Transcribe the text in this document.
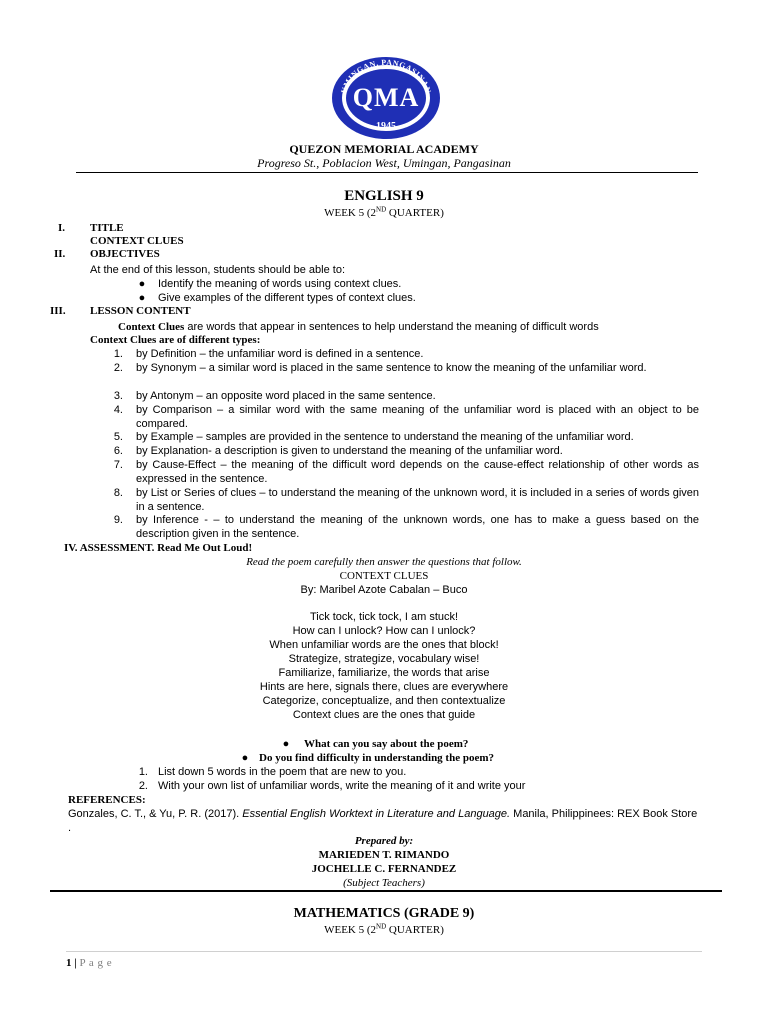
UMINGAN, PANGASINAN
QMA
1945
QUEZON MEMORIAL ACADEMY
Progreso St., Poblacion West, Umingan, Pangasinan
ENGLISH 9
WEEK 5 (2ND QUARTER)
I. TITLE
CONTEXT CLUES
II. OBJECTIVES
At the end of this lesson, students should be able to:
●	Identify the meaning of words using context clues.
●	Give examples of the different types of context clues.
III. LESSON CONTENT
Context Clues are words that appear in sentences to help understand the meaning of difficult words
Context Clues are of different types:
1. by Definition – the unfamiliar word is defined in a sentence.
2. by Synonym – a similar word is placed in the same sentence to know the meaning of the unfamiliar word.
3. by Antonym – an opposite word placed in the same sentence.
4. by Comparison – a similar word with the same meaning of the unfamiliar word is placed with an object to be compared.
5. by Example – samples are provided in the sentence to understand the meaning of the unfamiliar word.
6. by Explanation- a description is given to understand the meaning of the unfamiliar word.
7. by Cause-Effect – the meaning of the difficult word depends on the cause-effect relationship of other words as expressed in the sentence.
8. by List or Series of clues – to understand the meaning of the unknown word, it is included in a series of words given in a sentence.
9. by Inference - – to understand the meaning of the unknown words, one has to make a guess based on the description given in the sentence.
IV. ASSESSMENT. Read Me Out Loud!
Read the poem carefully then answer the questions that follow.
CONTEXT CLUES
By: Maribel Azote Cabalan – Buco
Tick tock, tick tock, I am stuck!
How can I unlock? How can I unlock?
When unfamiliar words are the ones that block!
Strategize, strategize, vocabulary wise!
Familiarize, familiarize, the words that arise
Hints are here, signals there, clues are everywhere
Categorize, conceptualize, and then contextualize
Context clues are the ones that guide
●	What can you say about the poem?
● Do you find difficulty in understanding the poem?
1. List down 5 words in the poem that are new to you.
2. With your own list of unfamiliar words, write the meaning of it and write your
REFERENCES:
Gonzales, C. T., & Yu, P. R. (2017). Essential English Worktext in Literature and Language. Manila, Philippinees: REX Book Store .
Prepared by:
MARIEDEN T. RIMANDO
JOCHELLE C. FERNANDEZ
(Subject Teachers)
MATHEMATICS (GRADE 9)
WEEK 5 (2ND QUARTER)
1 | P a g e
